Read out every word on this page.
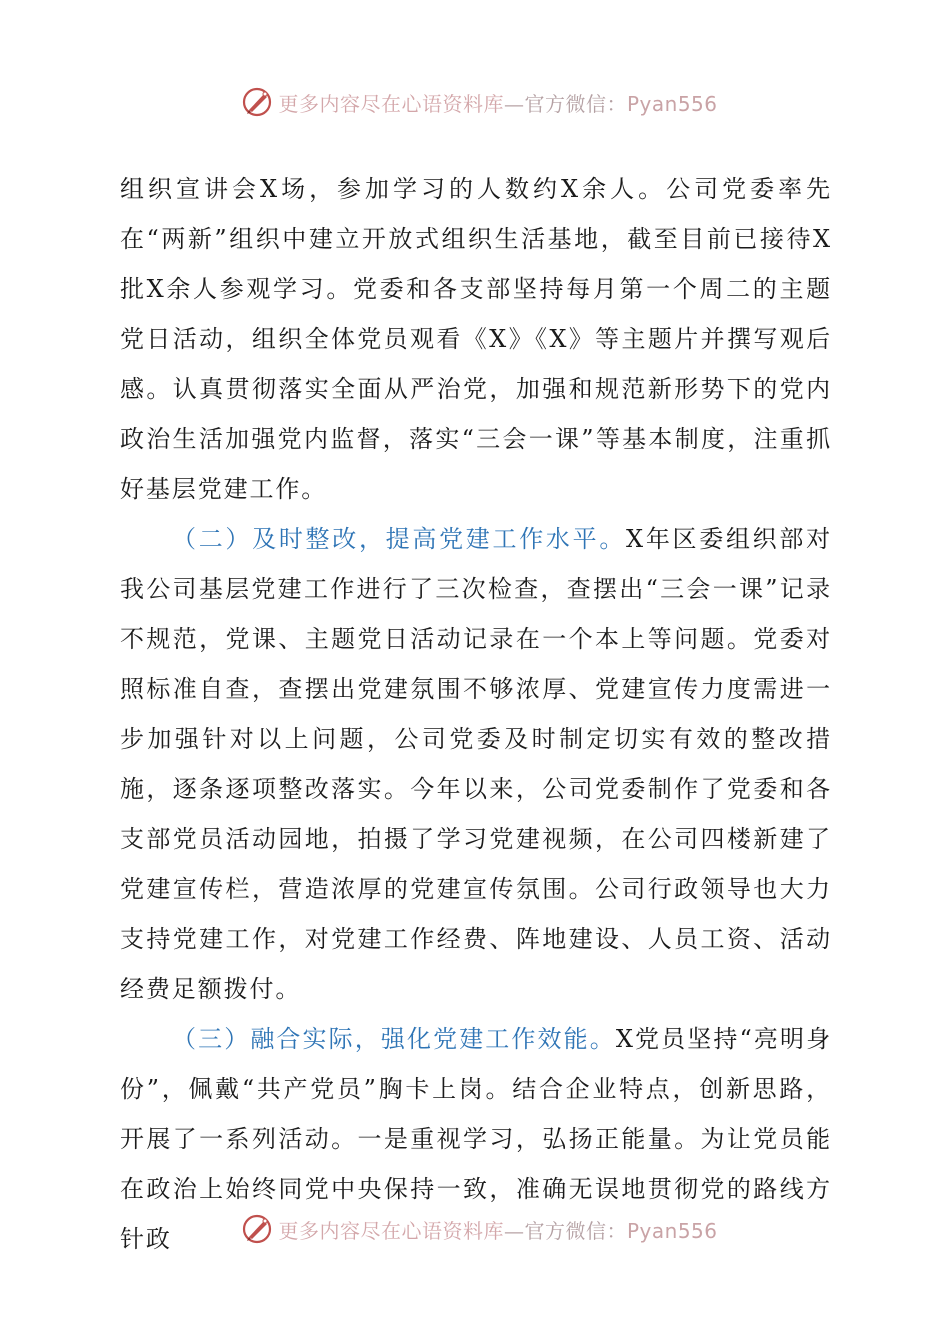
更多内容尽在心语资料库—官方微信：Pyan556

组织宣讲会X场，参加学习的人数约X余人。公司党委率先在“两新”组织中建立开放式组织生活基地，截至目前已接待X批X余人参观学习。党委和各支部坚持每月第一个周二的主题党日活动，组织全体党员观看《X》《X》等主题片并撰写观后感。认真贯彻落实全面从严治党，加强和规范新形势下的党内政治生活加强党内监督，落实“三会一课”等基本制度，注重抓好基层党建工作。

（二）及时整改，提高党建工作水平。X年区委组织部对我公司基层党建工作进行了三次检查，查摆出“三会一课”记录不规范，党课、主题党日活动记录在一个本上等问题。党委对照标准自查，查摆出党建氛围不够浓厚、党建宣传力度需进一步加强针对以上问题，公司党委及时制定切实有效的整改措施，逐条逐项整改落实。今年以来，公司党委制作了党委和各支部党员活动园地，拍摄了学习党建视频，在公司四楼新建了党建宣传栏，营造浓厚的党建宣传氛围。公司行政领导也大力支持党建工作，对党建工作经费、阵地建设、人员工资、活动经费足额拨付。

（三）融合实际，强化党建工作效能。X党员坚持“亮明身份”，佩戴“共产党员”胸卡上岗。结合企业特点，创新思路，开展了一系列活动。一是重视学习，弘扬正能量。为让党员能在政治上始终同党中央保持一致，准确无误地贯彻党的路线方针政	更多内容尽在心语资料库—官方微信：Pyan556
